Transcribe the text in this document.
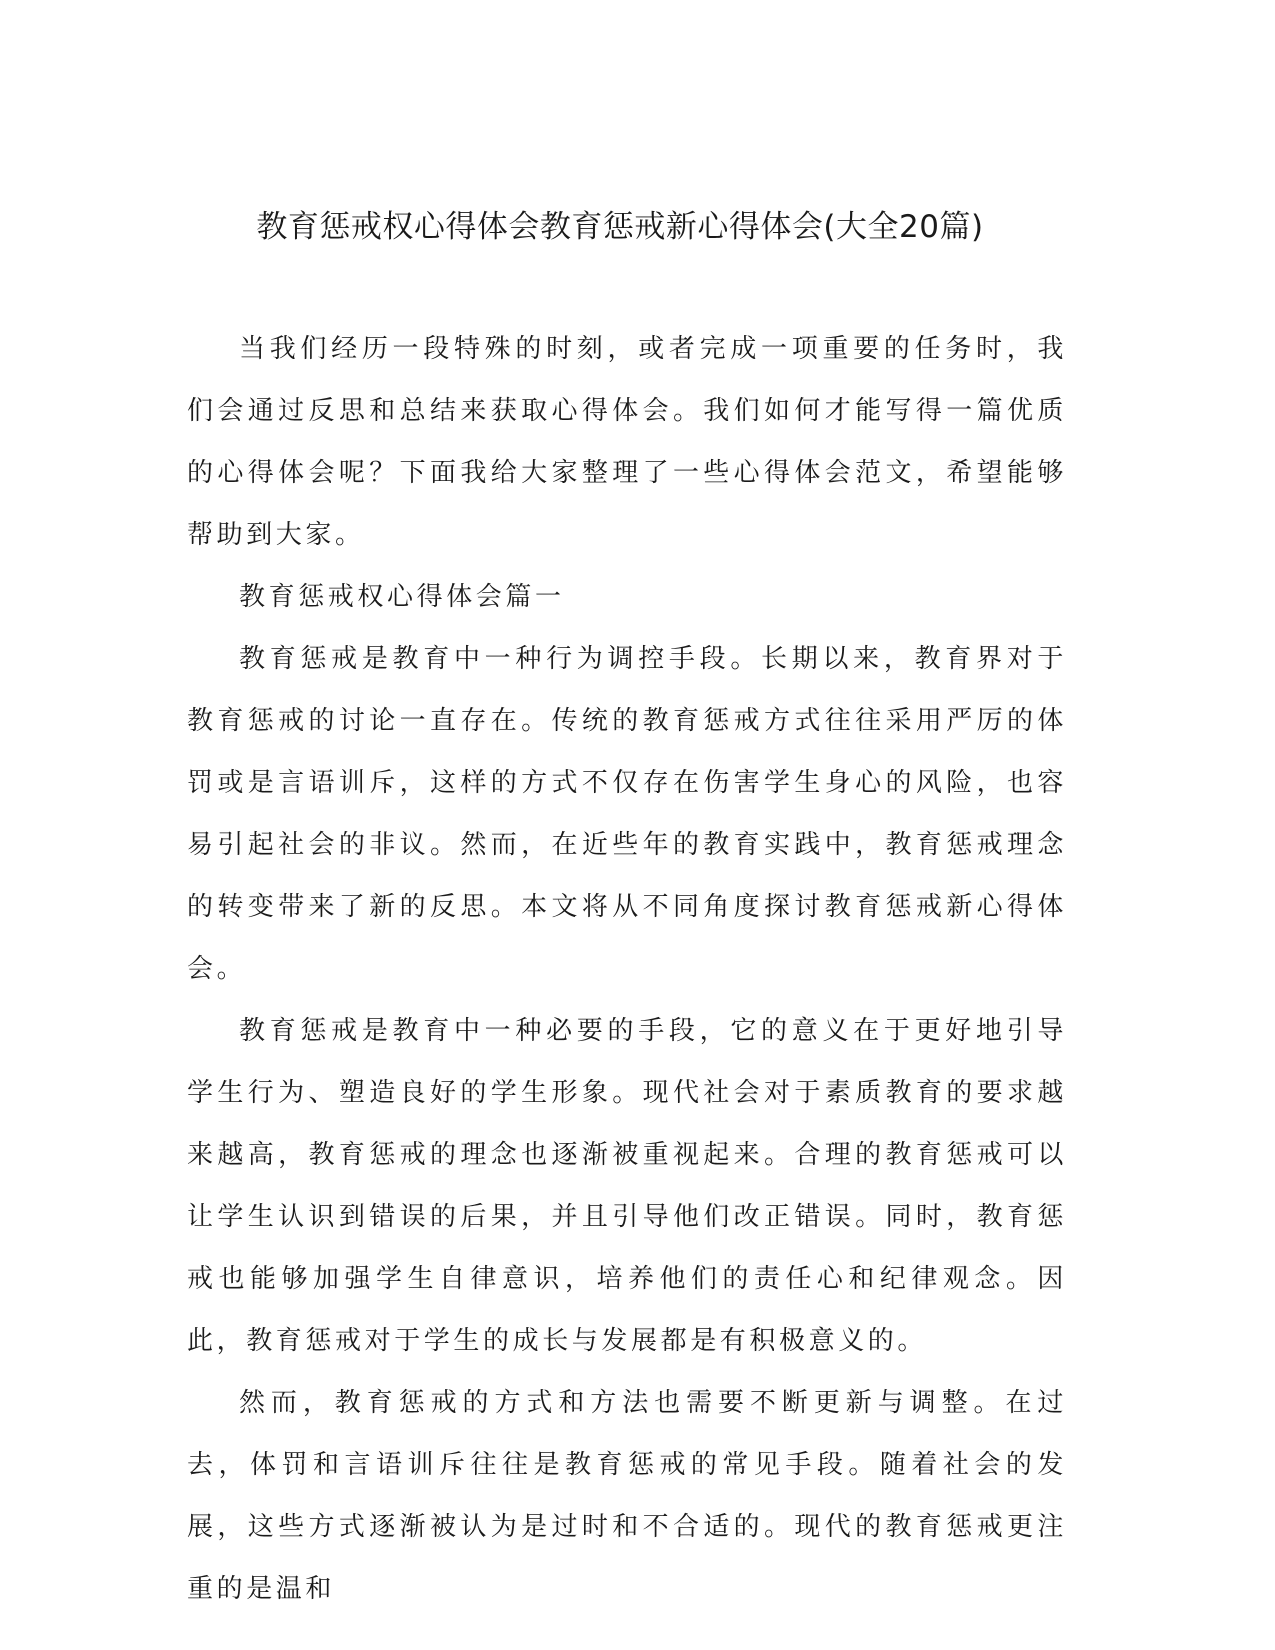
教育惩戒权心得体会教育惩戒新心得体会(大全20篇)

当我们经历一段特殊的时刻，或者完成一项重要的任务时，我们会通过反思和总结来获取心得体会。我们如何才能写得一篇优质的心得体会呢？下面我给大家整理了一些心得体会范文，希望能够帮助到大家。

教育惩戒权心得体会篇一

教育惩戒是教育中一种行为调控手段。长期以来，教育界对于教育惩戒的讨论一直存在。传统的教育惩戒方式往往采用严厉的体罚或是言语训斥，这样的方式不仅存在伤害学生身心的风险，也容易引起社会的非议。然而，在近些年的教育实践中，教育惩戒理念的转变带来了新的反思。本文将从不同角度探讨教育惩戒新心得体会。

教育惩戒是教育中一种必要的手段，它的意义在于更好地引导学生行为、塑造良好的学生形象。现代社会对于素质教育的要求越来越高，教育惩戒的理念也逐渐被重视起来。合理的教育惩戒可以让学生认识到错误的后果，并且引导他们改正错误。同时，教育惩戒也能够加强学生自律意识，培养他们的责任心和纪律观念。因此，教育惩戒对于学生的成长与发展都是有积极意义的。

然而，教育惩戒的方式和方法也需要不断更新与调整。在过去，体罚和言语训斥往往是教育惩戒的常见手段。随着社会的发展，这些方式逐渐被认为是过时和不合适的。现代的教育惩戒更注重的是温和
